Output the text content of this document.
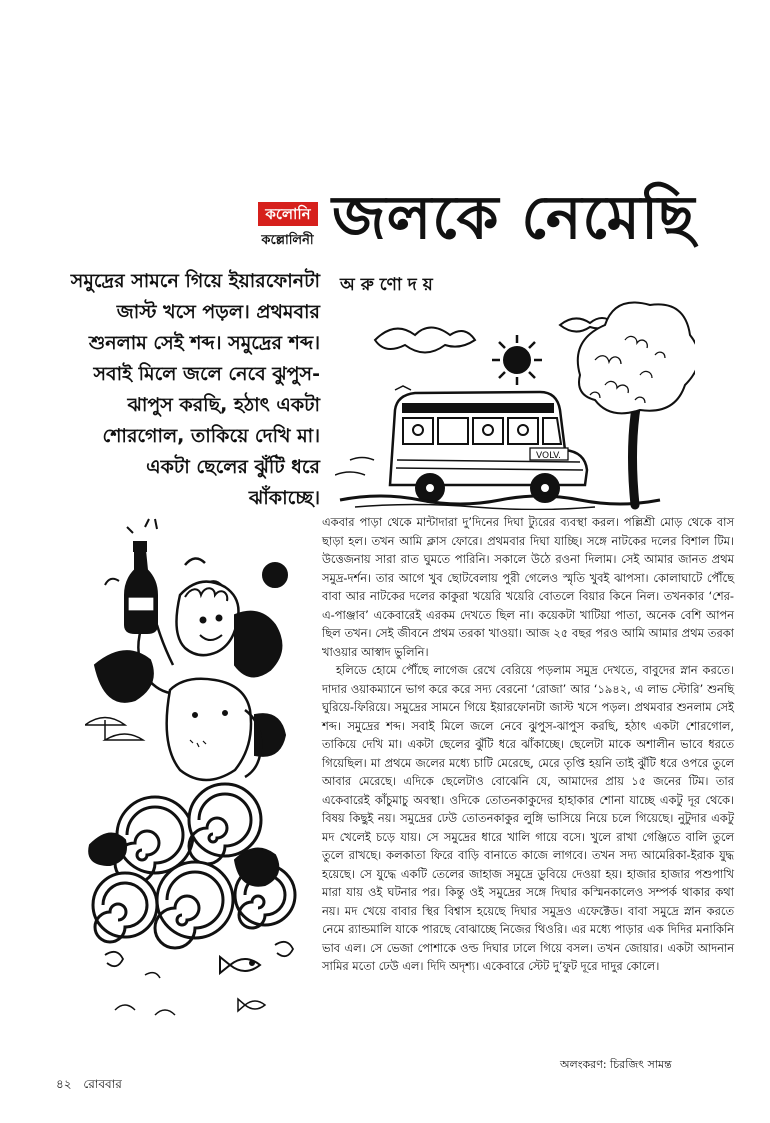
কলোনি
কল্লোলিনী জলকে নেমেছি
সমুদ্রের সামনে গিয়ে ইয়ারফোনটা জাস্ট খসে পড়ল। প্রথমবার শুনলাম সেই শব্দ। সমুদ্রের শব্দ। সবাই মিলে জলে নেবে ঝুপুস-ঝাপুস করছি, হঠাৎ একটা শোরগোল, তাকিয়ে দেখি মা। একটা ছেলের ঝুঁটি ধরে ঝাঁকাচ্ছে।
অরুণোদয়
VOLV.

একবার পাড়া থেকে মান্টাদারা দু’দিনের দিঘা ট্যুরের ব্যবস্থা করল। পল্লিশ্রী মোড় থেকে বাস ছাড়া হল। তখন আমি ক্লাস ফোরে। প্রথমবার দিঘা যাচ্ছি। সঙ্গে নাটকের দলের বিশাল টিম। উত্তেজনায় সারা রাত ঘুমতে পারিনি। সকালে উঠে রওনা দিলাম। সেই আমার জানত প্রথম সমুদ্র-দর্শন। তার আগে খুব ছোটবেলায় পুরী গেলেও স্মৃতি খুবই ঝাপসা। কোলাঘাটে পৌঁছে বাবা আর নাটকের দলের কাকুরা খয়েরি খয়েরি বোতলে বিয়ার কিনে নিল। তখনকার ‘শের-এ-পাঞ্জাব’ একেবারেই এরকম দেখতে ছিল না। কয়েকটা খাটিয়া পাতা, অনেক বেশি আপন ছিল তখন। সেই জীবনে প্রথম তরকা খাওয়া। আজ ২৫ বছর পরও আমি আমার প্রথম তরকা খাওয়ার আস্বাদ ভুলিনি।

হলিডে হোমে পৌঁছে লাগেজ রেখে বেরিয়ে পড়লাম সমুদ্র দেখতে, বাবুদের স্নান করতে। দাদার ওয়াকম্যানে ভাগ করে করে সদ্য বেরনো ‘রোজা’ আর ‘১৯৪২, এ লাভ স্টোরি’ শুনছি ঘুরিয়ে-ফিরিয়ে। সমুদ্রের সামনে গিয়ে ইয়ারফোনটা জাস্ট খসে পড়ল। প্রথমবার শুনলাম সেই শব্দ। সমুদ্রের শব্দ। সবাই মিলে জলে নেবে ঝুপুস-ঝাপুস করছি, হঠাৎ একটা শোরগোল, তাকিয়ে দেখি মা। একটা ছেলের ঝুঁটি ধরে ঝাঁকাচ্ছে। ছেলেটা মাকে অশালীন ভাবে ধরতে গিয়েছিল। মা প্রথমে জলের মধ্যে চাটি মেরেছে, মেরে তৃপ্তি হয়নি তাই ঝুঁটি ধরে ওপরে তুলে আবার মেরেছে। এদিকে ছেলেটাও বোঝেনি যে, আমাদের প্রায় ১৫ জনের টিম। তার একেবারেই কাঁচুমাচু অবস্থা। ওদিকে তোতনকাকুদের হাহাকার শোনা যাচ্ছে একটু দূর থেকে। বিষয় কিছুই নয়। সমুদ্রের ঢেউ তোতনকাকুর লুঙ্গি ভাসিয়ে নিয়ে চলে গিয়েছে। নুটুদার একটু মদ খেলেই চড়ে যায়। সে সমুদ্রের ধারে খালি গায়ে বসে। খুলে রাখা গেঞ্জিতে বালি তুলে তুলে রাখছে। কলকাতা ফিরে বাড়ি বানাতে কাজে লাগবে। তখন সদ্য আমেরিকা-ইরাক যুদ্ধ হয়েছে। সে যুদ্ধে একটি তেলের জাহাজ সমুদ্রে ডুবিয়ে দেওয়া হয়। হাজার হাজার পশুপাখি মারা যায় ওই ঘটনার পর। কিন্তু ওই সমুদ্রের সঙ্গে দিঘার কস্মিনকালেও সম্পর্ক থাকার কথা নয়। মদ খেয়ে বাবার স্থির বিশ্বাস হয়েছে দিঘার সমুদ্রও এফেক্টেড। বাবা সমুদ্রে স্নান করতে নেমে র‍্যান্ডমালি যাকে পারছে বোঝাচ্ছে নিজের থিওরি। এর মধ্যে পাড়ার এক দিদির মনাকিনি ভাব এল। সে ভেজা পোশাকে ওল্ড দিঘার ঢালে গিয়ে বসল। তখন জোয়ার। একটা আদনান সামির মতো ঢেউ এল। দিদি অদৃশ্য। একেবারে স্টেট দু’ফুট দূরে দাদুর কোলে।

অলংকরণ: চিরজিৎ সামন্ত
৪২ রোববার
